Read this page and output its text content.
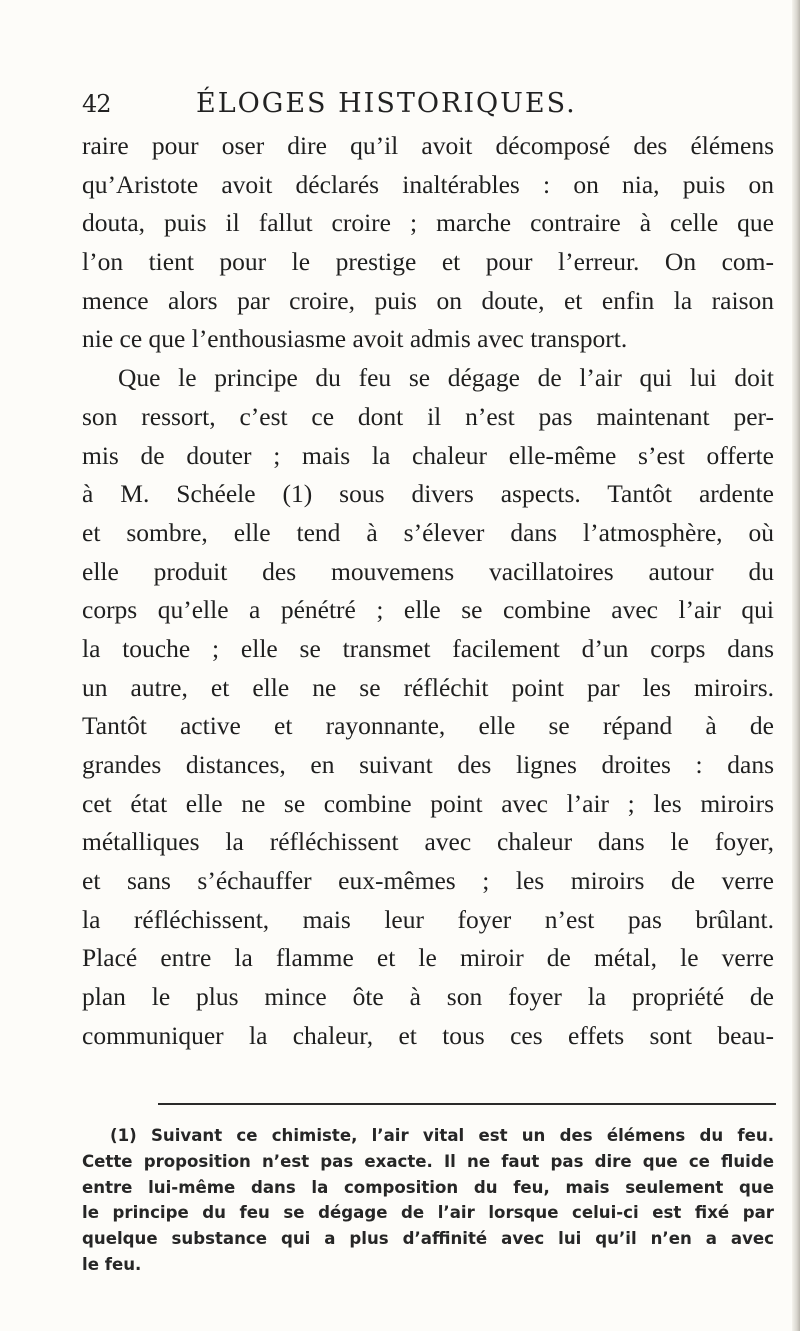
42	ÉLOGES HISTORIQUES.
raire pour oser dire qu’il avoit décomposé des élémens
qu’Aristote avoit déclarés inaltérables : on nia, puis on
douta, puis il fallut croire ; marche contraire à celle que
l’on tient pour le prestige et pour l’erreur. On com-
mence alors par croire, puis on doute, et enfin la raison
nie ce que l’enthousiasme avoit admis avec transport.
Que le principe du feu se dégage de l’air qui lui doit
son ressort, c’est ce dont il n’est pas maintenant per-
mis de douter ; mais la chaleur elle-même s’est offerte
à M. Schéele (1) sous divers aspects. Tantôt ardente
et sombre, elle tend à s’élever dans l’atmosphère, où
elle produit des mouvemens vacillatoires autour du
corps qu’elle a pénétré ; elle se combine avec l’air qui
la touche ; elle se transmet facilement d’un corps dans
un autre, et elle ne se réfléchit point par les miroirs.
Tantôt active et rayonnante, elle se répand à de
grandes distances, en suivant des lignes droites : dans
cet état elle ne se combine point avec l’air ; les miroirs
métalliques la réfléchissent avec chaleur dans le foyer,
et sans s’échauffer eux-mêmes ; les miroirs de verre
la réfléchissent, mais leur foyer n’est pas brûlant.
Placé entre la flamme et le miroir de métal, le verre
plan le plus mince ôte à son foyer la propriété de
communiquer la chaleur, et tous ces effets sont beau-
(1) Suivant ce chimiste, l’air vital est un des élémens du feu.
Cette proposition n’est pas exacte. Il ne faut pas dire que ce fluide
entre lui-même dans la composition du feu, mais seulement que
le principe du feu se dégage de l’air lorsque celui-ci est fixé par
quelque substance qui a plus d’affinité avec lui qu’il n’en a avec
le feu.
